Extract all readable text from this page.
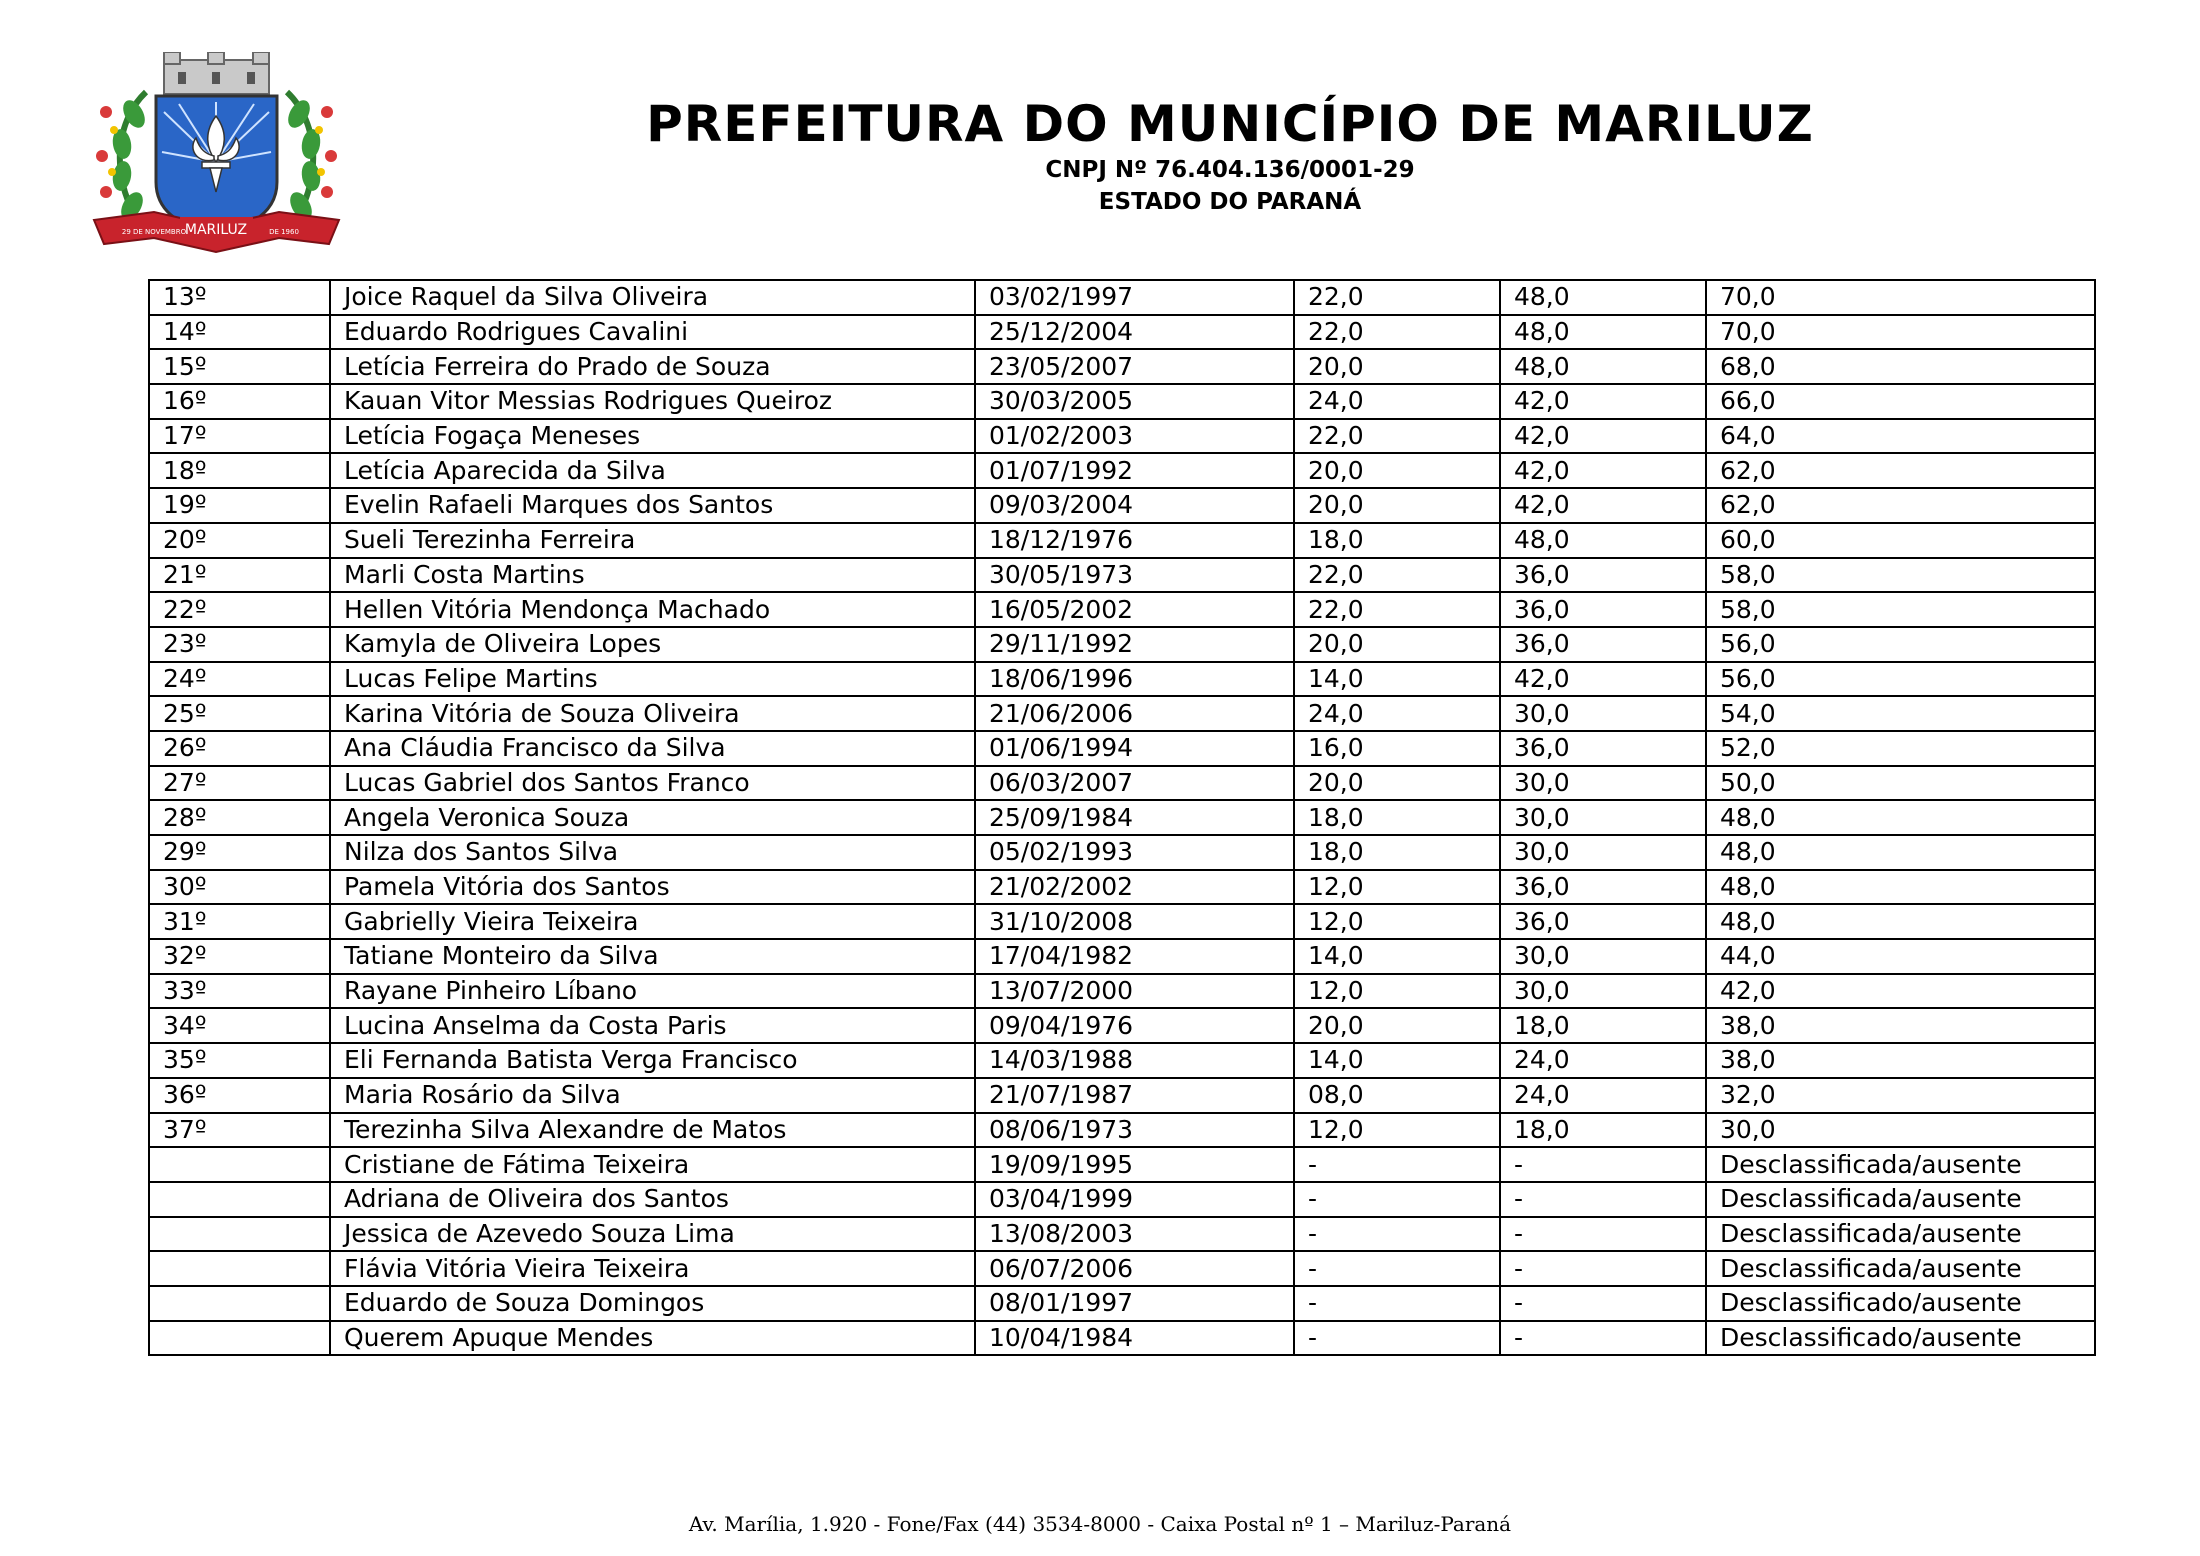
MARILUZ
29 DE NOVEMBRO	DE 1960
PREFEITURA DO MUNICÍPIO DE MARILUZ
CNPJ Nº 76.404.136/0001-29
ESTADO DO PARANÁ
13º	Joice Raquel da Silva Oliveira	03/02/1997	22,0	48,0	70,0
14º	Eduardo Rodrigues Cavalini	25/12/2004	22,0	48,0	70,0
15º	Letícia Ferreira do Prado de Souza	23/05/2007	20,0	48,0	68,0
16º	Kauan Vitor Messias Rodrigues Queiroz	30/03/2005	24,0	42,0	66,0
17º	Letícia Fogaça Meneses	01/02/2003	22,0	42,0	64,0
18º	Letícia Aparecida da Silva	01/07/1992	20,0	42,0	62,0
19º	Evelin Rafaeli Marques dos Santos	09/03/2004	20,0	42,0	62,0
20º	Sueli Terezinha Ferreira	18/12/1976	18,0	48,0	60,0
21º	Marli Costa Martins	30/05/1973	22,0	36,0	58,0
22º	Hellen Vitória Mendonça Machado	16/05/2002	22,0	36,0	58,0
23º	Kamyla de Oliveira Lopes	29/11/1992	20,0	36,0	56,0
24º	Lucas Felipe Martins	18/06/1996	14,0	42,0	56,0
25º	Karina Vitória de Souza Oliveira	21/06/2006	24,0	30,0	54,0
26º	Ana Cláudia Francisco da Silva	01/06/1994	16,0	36,0	52,0
27º	Lucas Gabriel dos Santos Franco	06/03/2007	20,0	30,0	50,0
28º	Angela Veronica Souza	25/09/1984	18,0	30,0	48,0
29º	Nilza dos Santos Silva	05/02/1993	18,0	30,0	48,0
30º	Pamela Vitória dos Santos	21/02/2002	12,0	36,0	48,0
31º	Gabrielly Vieira Teixeira	31/10/2008	12,0	36,0	48,0
32º	Tatiane Monteiro da Silva	17/04/1982	14,0	30,0	44,0
33º	Rayane Pinheiro Líbano	13/07/2000	12,0	30,0	42,0
34º	Lucina Anselma da Costa Paris	09/04/1976	20,0	18,0	38,0
35º	Eli Fernanda Batista Verga Francisco	14/03/1988	14,0	24,0	38,0
36º	Maria Rosário da Silva	21/07/1987	08,0	24,0	32,0
37º	Terezinha Silva Alexandre de Matos	08/06/1973	12,0	18,0	30,0
	Cristiane de Fátima Teixeira	19/09/1995	-	-	Desclassificada/ausente
	Adriana de Oliveira dos Santos	03/04/1999	-	-	Desclassificada/ausente
	Jessica de Azevedo Souza Lima	13/08/2003	-	-	Desclassificada/ausente
	Flávia Vitória Vieira Teixeira	06/07/2006	-	-	Desclassificada/ausente
	Eduardo de Souza Domingos	08/01/1997	-	-	Desclassificado/ausente
	Querem Apuque Mendes	10/04/1984	-	-	Desclassificado/ausente
Av. Marília, 1.920 - Fone/Fax (44) 3534-8000 - Caixa Postal nº 1 – Mariluz-Paraná
